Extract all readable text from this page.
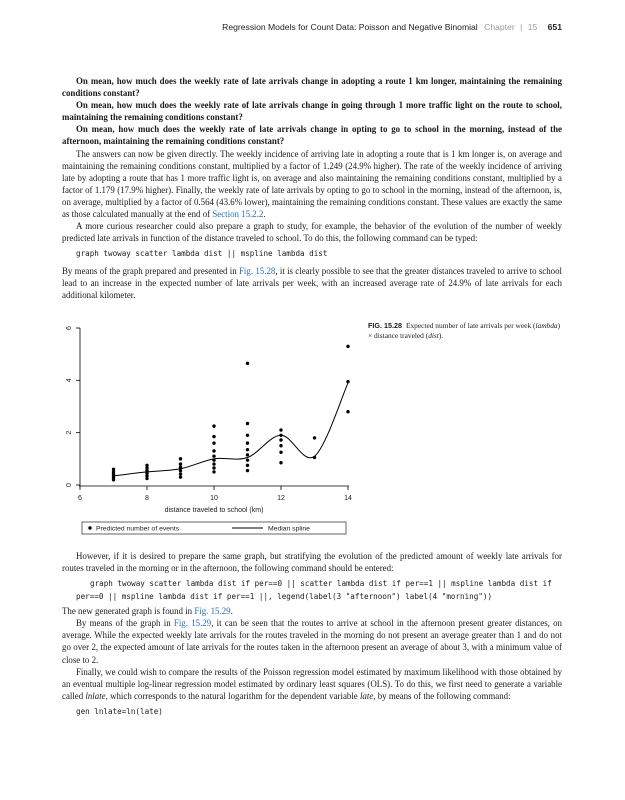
Regression Models for Count Data: Poisson and Negative Binomial Chapter | 15 651

On mean, how much does the weekly rate of late arrivals change in adopting a route 1 km longer, maintaining the remaining conditions constant?

On mean, how much does the weekly rate of late arrivals change in going through 1 more traffic light on the route to school, maintaining the remaining conditions constant?

On mean, how much does the weekly rate of late arrivals change in opting to go to school in the morning, instead of the afternoon, maintaining the remaining conditions constant?

The answers can now be given directly. The weekly incidence of arriving late in adopting a route that is 1 km longer is, on average and maintaining the remaining conditions constant, multiplied by a factor of 1.249 (24.9% higher). The rate of the weekly incidence of arriving late by adopting a route that has 1 more traffic light is, on average and also maintaining the remaining conditions constant, multiplied by a factor of 1.179 (17.9% higher). Finally, the weekly rate of late arrivals by opting to go to school in the morning, instead of the afternoon, is, on average, multiplied by a factor of 0.564 (43.6% lower), maintaining the remaining conditions constant. These values are exactly the same as those calculated manually at the end of Section 15.2.2.

A more curious researcher could also prepare a graph to study, for example, the behavior of the evolution of the number of weekly predicted late arrivals in function of the distance traveled to school. To do this, the following command can be typed:

graph twoway scatter lambda dist || mspline lambda dist

By means of the graph prepared and presented in Fig. 15.28, it is clearly possible to see that the greater distances traveled to arrive to school lead to an increase in the expected number of late arrivals per week, with an increased average rate of 24.9% of late arrivals for each additional kilometer.

0
2
4
6
6	8	10	12	14
distance traveled to school (km)
Predicted number of events	Median spline
FIG. 15.28 Expected number of late arrivals per week (lambda) × distance traveled (dist).

However, if it is desired to prepare the same graph, but stratifying the evolution of the predicted amount of weekly late arrivals for routes traveled in the morning or in the afternoon, the following command should be entered:

graph twoway scatter lambda dist if per==0 || scatter lambda dist if per==1 || mspline lambda dist if
per==0 || mspline lambda dist if per==1 ||, legend(label(3 "afternoon") label(4 "morning"))

The new generated graph is found in Fig. 15.29.

By means of the graph in Fig. 15.29, it can be seen that the routes to arrive at school in the afternoon present greater distances, on average. While the expected weekly late arrivals for the routes traveled in the morning do not present an average greater than 1 and do not go over 2, the expected amount of late arrivals for the routes taken in the afternoon present an average of about 3, with a minimum value of close to 2.

Finally, we could wish to compare the results of the Poisson regression model estimated by maximum likelihood with those obtained by an eventual multiple log-linear regression model estimated by ordinary least squares (OLS). To do this, we first need to generate a variable called lnlate, which corresponds to the natural logarithm for the dependent variable late, by means of the following command:

gen lnlate=ln(late)
